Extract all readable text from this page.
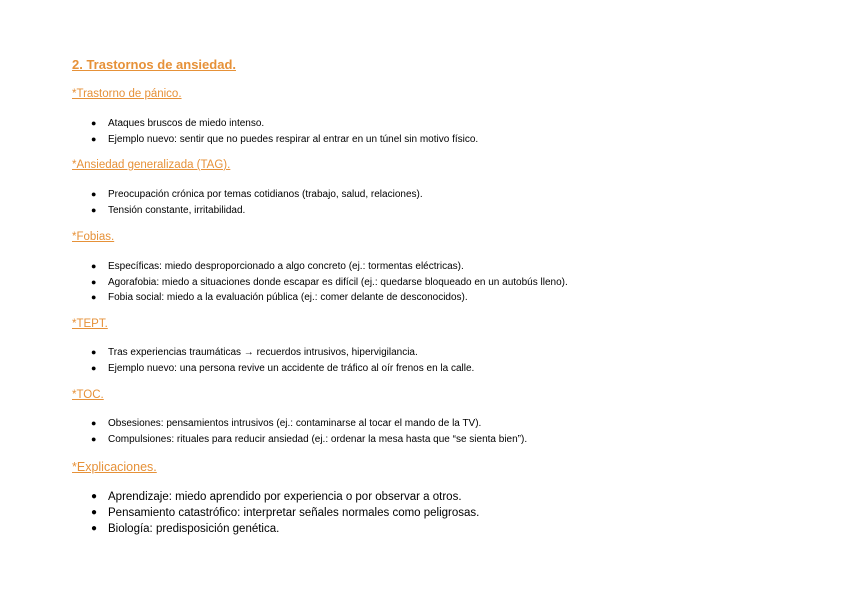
2. Trastornos de ansiedad.
*Trastorno de pánico.
● Ataques bruscos de miedo intenso.
● Ejemplo nuevo: sentir que no puedes respirar al entrar en un túnel sin motivo físico.
*Ansiedad generalizada (TAG).
● Preocupación crónica por temas cotidianos (trabajo, salud, relaciones).
● Tensión constante, irritabilidad.
*Fobias.
● Específicas: miedo desproporcionado a algo concreto (ej.: tormentas eléctricas).
● Agorafobia: miedo a situaciones donde escapar es difícil (ej.: quedarse bloqueado en un autobús lleno).
● Fobia social: miedo a la evaluación pública (ej.: comer delante de desconocidos).
*TEPT.
● Tras experiencias traumáticas → recuerdos intrusivos, hipervigilancia.
● Ejemplo nuevo: una persona revive un accidente de tráfico al oír frenos en la calle.
*TOC.
● Obsesiones: pensamientos intrusivos (ej.: contaminarse al tocar el mando de la TV).
● Compulsiones: rituales para reducir ansiedad (ej.: ordenar la mesa hasta que “se sienta bien”).
*Explicaciones.
● Aprendizaje: miedo aprendido por experiencia o por observar a otros.
● Pensamiento catastrófico: interpretar señales normales como peligrosas.
● Biología: predisposición genética.
